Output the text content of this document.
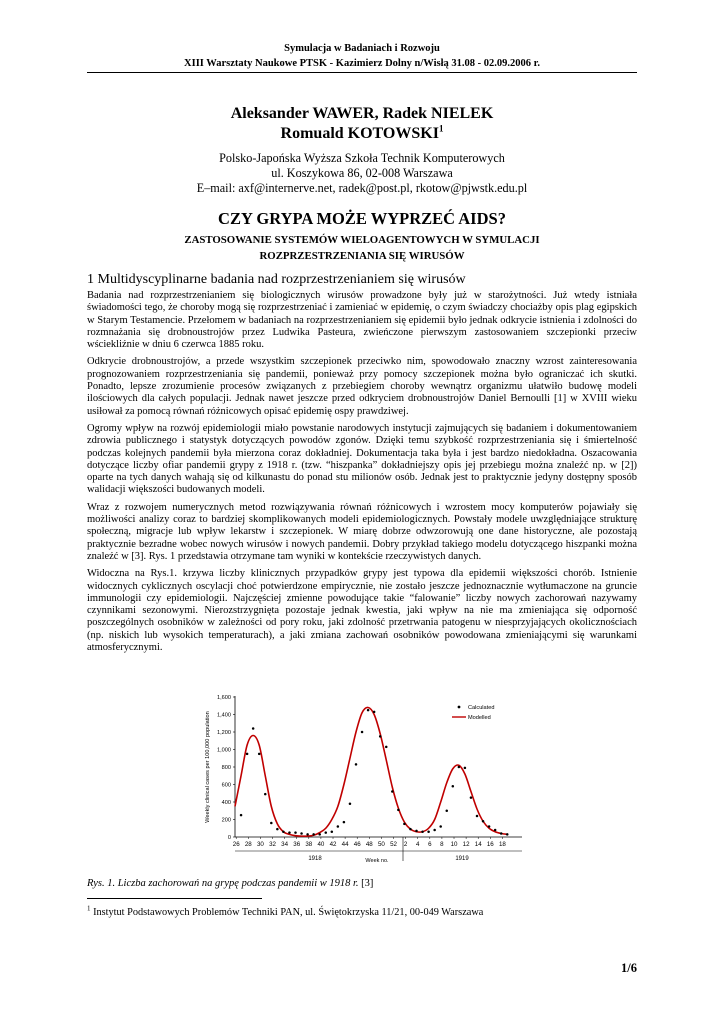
Symulacja w Badaniach i Rozwoju
XIII Warsztaty Naukowe PTSK - Kazimierz Dolny n/Wisłą 31.08 - 02.09.2006 r.
Aleksander WAWER, Radek NIELEK
Romuald KOTOWSKI$^1$
Polsko-Japońska Wyższa Szkoła Technik Komputerowych
ul. Koszykowa 86, 02-008 Warszawa
E–mail: axf@internerve.net, radek@post.pl, rkotow@pjwstk.edu.pl
CZY GRYPA MOŻE WYPRZEĆ AIDS?
ZASTOSOWANIE SYSTEMÓW WIELOAGENTOWYCH W SYMULACJI
ROZPRZESTRZENIANIA SIĘ WIRUSÓW
1 Multidyscyplinarne badania nad rozprzestrzenianiem się wirusów

Badania nad rozprzestrzenianiem się biologicznych wirusów prowadzone były już w starożytności. Już wtedy istniała świadomości tego, że choroby mogą się rozprzestrzeniać i zamieniać w epidemię, o czym świadczy chociażby opis plag egipskich w Starym Testamencie. Przełomem w badaniach na rozprzestrzenianiem się epidemii było jednak odkrycie istnienia i zdolności do rozmnażania się drobnoustrojów przez Ludwika Pasteura, zwieńczone pierwszym zastosowaniem szczepionki przeciw wściekliźnie w dniu 6 czerwca 1885 roku.

Odkrycie drobnoustrojów, a przede wszystkim szczepionek przeciwko nim, spowodowało znaczny wzrost zainteresowania prognozowaniem rozprzestrzeniania się pandemii, ponieważ przy pomocy szczepionek można było ograniczać ich skutki. Ponadto, lepsze zrozumienie procesów związanych z przebiegiem choroby wewnątrz organizmu ułatwiło budowę modeli ilościowych dla całych populacji. Jednak nawet jeszcze przed odkryciem drobnoustrojów Daniel Bernoulli [1] w XVIII wieku usiłował za pomocą równań różnicowych opisać epidemię ospy prawdziwej.

Ogromy wpływ na rozwój epidemiologii miało powstanie narodowych instytucji zajmujących się badaniem i dokumentowaniem zdrowia publicznego i statystyk dotyczących powodów zgonów. Dzięki temu szybkość rozprzestrzeniania się i śmiertelność podczas kolejnych pandemii była mierzona coraz dokładniej. Dokumentacja taka była i jest bardzo niedokładna. Oszacowania dotyczące liczby ofiar pandemii grypy z 1918 r. (tzw. “hiszpanka” dokładniejszy opis jej przebiegu można znaleźć np. w [2]) oparte na tych danych wahają się od kilkunastu do ponad stu milionów osób. Jednak jest to praktycznie jedyny dostępny sposób walidacji większości budowanych modeli.

Wraz z rozwojem numerycznych metod rozwiązywania równań różnicowych i wzrostem mocy komputerów pojawiały się możliwości analizy coraz to bardziej skomplikowanych modeli epidemiologicznych. Powstały modele uwzględniające strukturę społeczną, migracje lub wpływ lekarstw i szczepionek. W miarę dobrze odwzorowują one dane historyczne, ale pozostają praktycznie bezradne wobec nowych wirusów i nowych pandemii. Dobry przykład takiego modelu dotyczącego hiszpanki można znaleźć w [3]. Rys. 1 przedstawia otrzymane tam wyniki w kontekście rzeczywistych danych.

Widoczna na Rys.1. krzywa liczby klinicznych przypadków grypy jest typowa dla epidemii większości chorób. Istnienie widocznych cyklicznych oscylacji choć potwierdzone empirycznie, nie zostało jeszcze jednoznacznie wytłumaczone na gruncie immunologii czy epidemiologii. Najczęściej zmienne powodujące takie “falowanie” liczby nowych zachorowań nazywamy czynnikami sezonowymi. Nierozstrzygnięta pozostaje jednak kwestia, jaki wpływ na nie ma zmieniająca się odporność poszczególnych osobników w zależności od pory roku, jaki zdolność przetrwania patogenu w niesprzyjających okolicznościach (np. niskich lub wysokich temperaturach), a jaki zmiana zachowań osobników powodowana zmieniającymi się warunkami atmosferycznymi.

0
200
400
600
800
1,000
1,200
1,400
1,600
26 28 30 32 34 36 38 40 42 44 46 48 50 52 2 4 6 8 10 12 14 16 18
Weekly clinical cases per 100,000 population
Week no.
1918	1919
Calculated
Modelled
Rys. 1. Liczba zachorowań na grypę podczas pandemii w 1918 r. [3]
$^1$ Instytut Podstawowych Problemów Techniki PAN, ul. Świętokrzyska 11/21, 00-049 Warszawa
1/6
